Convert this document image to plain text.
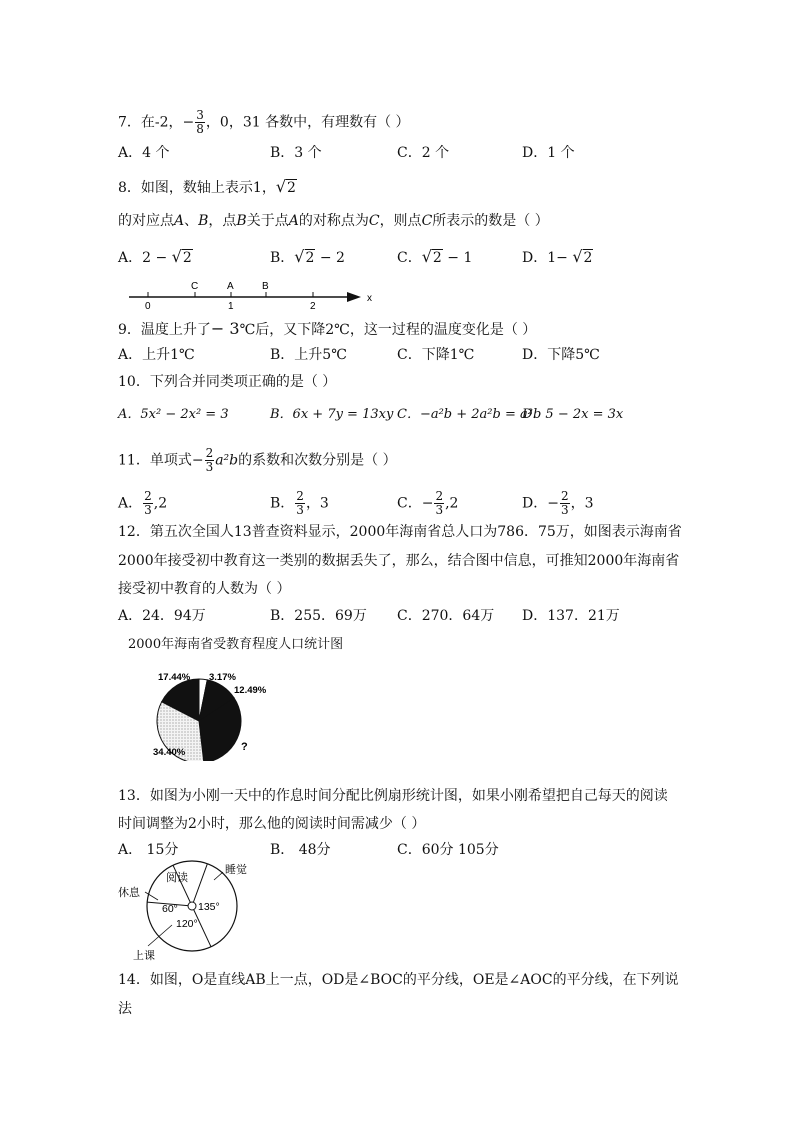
7．在-2，− $\frac{3}{8}$ ，0，31 各数中，有理数有（ ）
A．4 个	B．3 个	C．2 个	D．1 个
8．如图，数轴上表示1，√2
的对应点A、B，点B关于点A的对称点为C，则点C所表示的数是（ ）
A．2 − √2	B．√2 − 2	C．√2 − 1	D．1− √2
C	A	B
0	1	2
x
9．温度上升了− 3℃后，又下降2℃，这一过程的温度变化是（ ）
A．上升1℃	B．上升5℃	C．下降1℃	D．下降5℃
10．下列合并同类项正确的是（ ）
A．5x² − 2x² = 3	B．6x + 7y = 13xy C．−a²b + 2a²b = a²b
D．5 − 2x = 3x
11．单项式− $\frac{2}{3} a^2b$的系数和次数分别是（ ）
A． $\frac{2}{3} ,2$	B． $\frac{2}{3}$ ，3	C．− $\frac{2}{3} ,2$	D．− $\frac{2}{3}$ ，3
12．第五次全国人13普查资料显示，2000年海南省总人口为786．75万，如图表示海南省
2000年接受初中教育这一类别的数据丢失了，那么，结合图中信息，可推知2000年海南省
接受初中教育的人数为（ ）
A．24．94万	B．255．69万 C．270．64万 D．137．21万
2000年海南省受教育程度人口统计图
17.44% 3.17%
12.49%
34.40%	?
13．如图为小刚一天中的作息时间分配比例扇形统计图，如果小刚希望把自己每天的阅读
时间调整为2小时，那么他的阅读时间需减少（ ）
A． 15分	B． 48分	C．60分 105分
睡觉
阅读
休息
上课
135°
60°
120°
14．如图，O是直线AB上一点，OD是∠BOC的平分线，OE是∠AOC的平分线，在下列说
法
